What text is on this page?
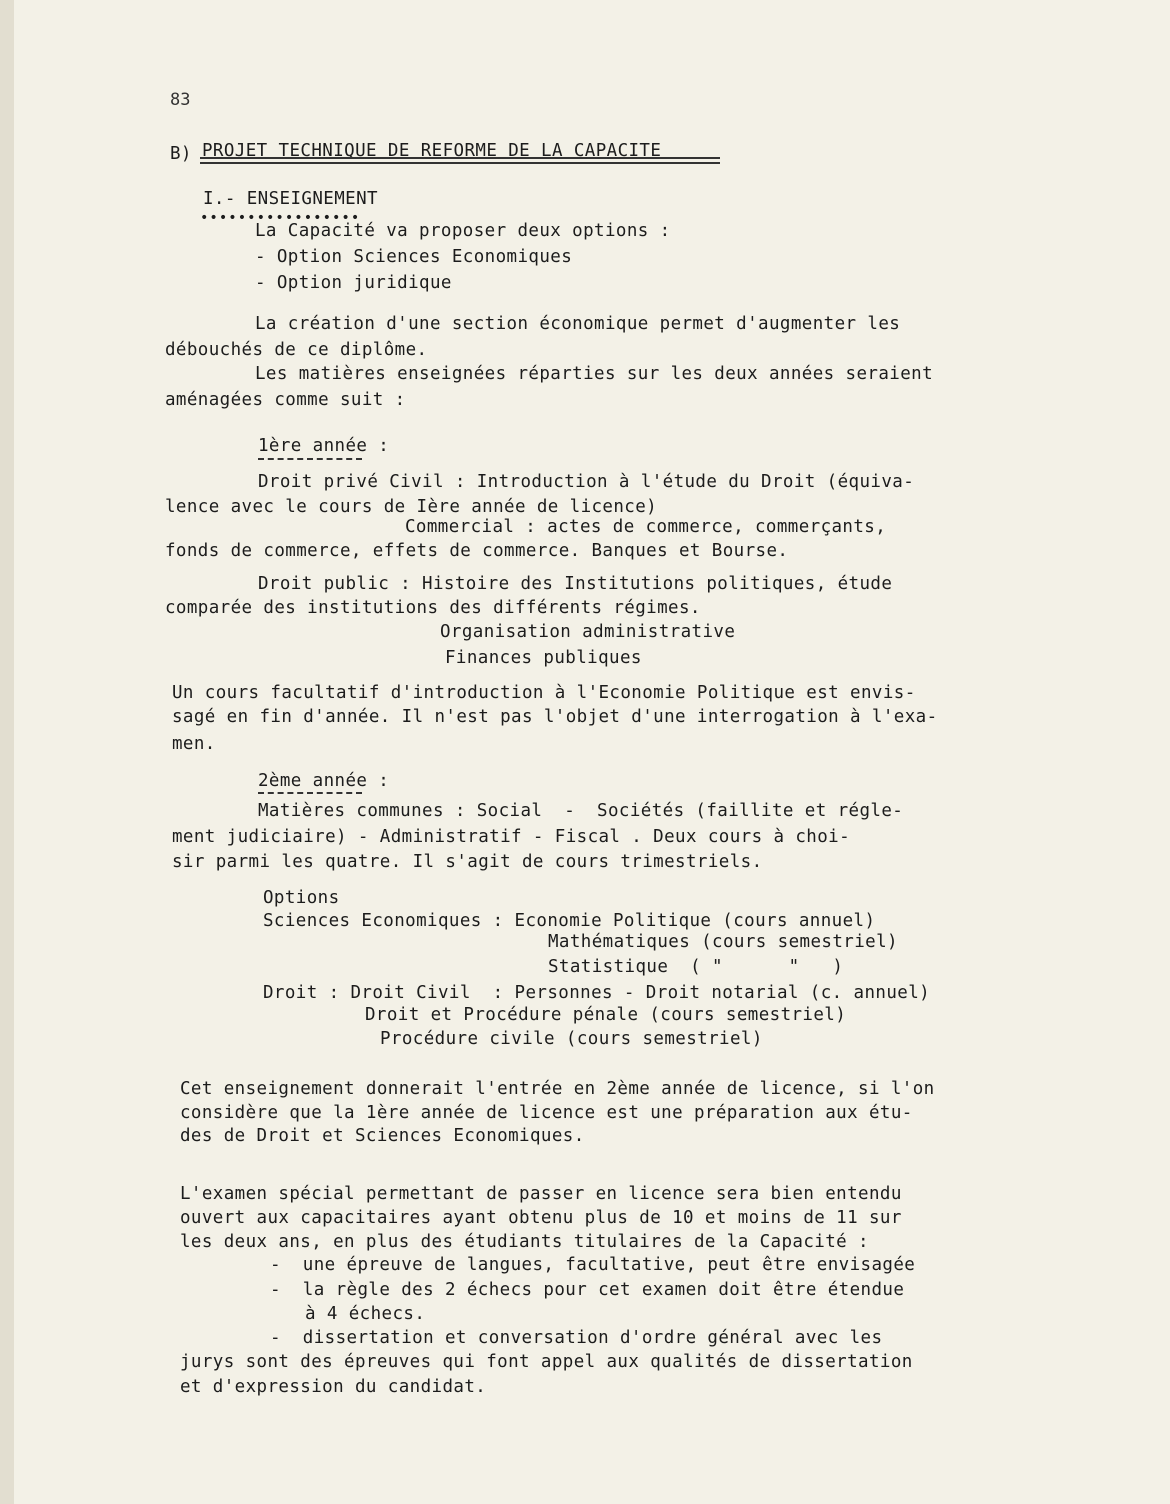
83
B) PROJET TECHNIQUE DE REFORME DE LA CAPACITE
I.- ENSEIGNEMENT
•••••••••••••••••
La Capacité va proposer deux options :
- Option Sciences Economiques
- Option juridique
La création d'une section économique permet d'augmenter les
débouchés de ce diplôme.
Les matières enseignées réparties sur les deux années seraient
aménagées comme suit :
1ère année :
Droit privé Civil : Introduction à l'étude du Droit (équiva-
lence avec le cours de Ière année de licence)
Commercial : actes de commerce, commerçants,
fonds de commerce, effets de commerce. Banques et Bourse.
Droit public : Histoire des Institutions politiques, étude
comparée des institutions des différents régimes.
Organisation administrative
Finances publiques
Un cours facultatif d'introduction à l'Economie Politique est envis-
sagé en fin d'année. Il n'est pas l'objet d'une interrogation à l'exa-
men.
2ème année :
Matières communes : Social  -  Sociétés (faillite et régle-
ment judiciaire) - Administratif - Fiscal . Deux cours à choi-
sir parmi les quatre. Il s'agit de cours trimestriels.
Options
Sciences Economiques : Economie Politique (cours annuel)
Mathématiques (cours semestriel)
Statistique  ( "      "   )
Droit : Droit Civil  : Personnes - Droit notarial (c. annuel)
Droit et Procédure pénale (cours semestriel)
Procédure civile (cours semestriel)
Cet enseignement donnerait l'entrée en 2ème année de licence, si l'on
considère que la 1ère année de licence est une préparation aux étu-
des de Droit et Sciences Economiques.
L'examen spécial permettant de passer en licence sera bien entendu
ouvert aux capacitaires ayant obtenu plus de 10 et moins de 11 sur
les deux ans, en plus des étudiants titulaires de la Capacité :
-  une épreuve de langues, facultative, peut être envisagée
-  la règle des 2 échecs pour cet examen doit être étendue
à 4 échecs.
-  dissertation et conversation d'ordre général avec les
jurys sont des épreuves qui font appel aux qualités de dissertation
et d'expression du candidat.
